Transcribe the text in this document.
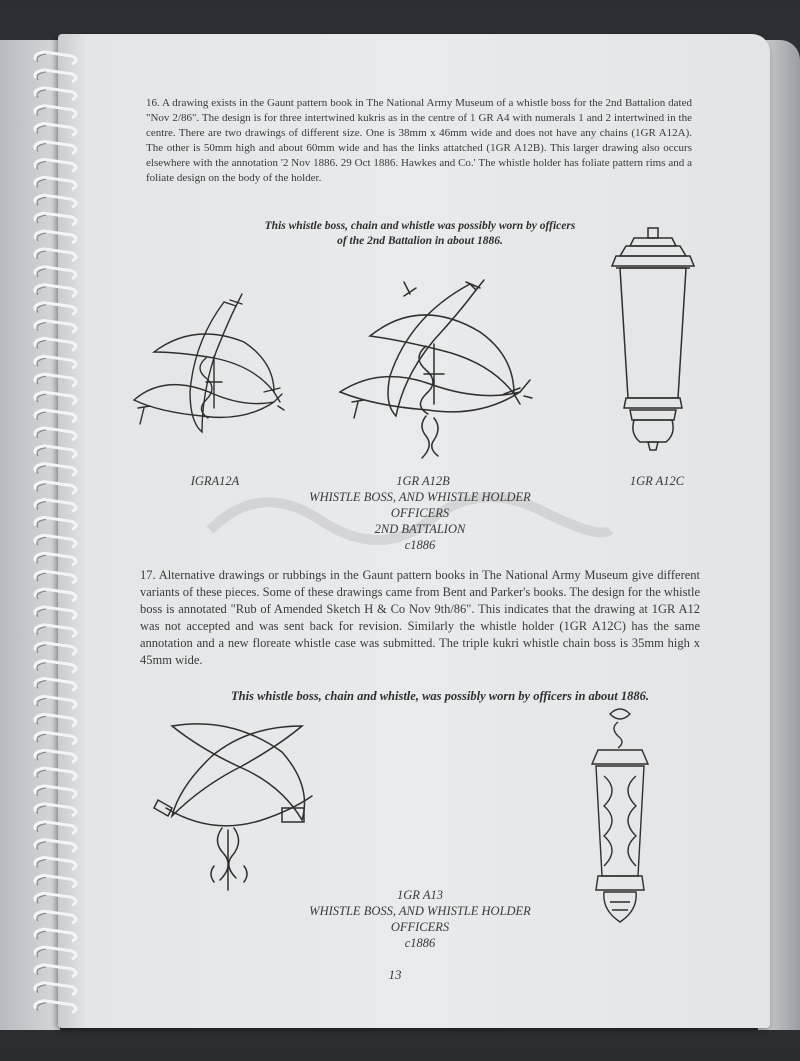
16. A drawing exists in the Gaunt pattern book in The National Army Museum of a whistle boss for the 2nd Battalion dated "Nov 2/86". The design is for three intertwined kukris as in the centre of 1 GR A4 with numerals 1 and 2 intertwined in the centre. There are two drawings of different size. One is 38mm x 46mm wide and does not have any chains (1GR A12A). The other is 50mm high and about 60mm wide and has the links attatched (1GR A12B). This larger drawing also occurs elsewhere with the annotation '2 Nov 1886. 29 Oct 1886. Hawkes and Co.' The whistle holder has foliate pattern rims and a foliate design on the body of the holder.

This whistle boss, chain and whistle was possibly worn by officers
of the 2nd Battalion in about 1886.
IGRA12A	1GR A12B	1GR A12C
WHISTLE BOSS, AND WHISTLE HOLDER
OFFICERS
2ND BATTALION
c1886

17. Alternative drawings or rubbings in the Gaunt pattern books in The National Army Museum give different variants of these pieces. Some of these drawings came from Bent and Parker's books. The design for the whistle boss is annotated "Rub of Amended Sketch H & Co Nov 9th/86". This indicates that the drawing at 1GR A12 was not accepted and was sent back for revision. Similarly the whistle holder (1GR A12C) has the same annotation and a new floreate whistle case was submitted. The triple kukri whistle chain boss is 35mm high x 45mm wide.

This whistle boss, chain and whistle, was possibly worn by officers in about 1886.
1GR A13
WHISTLE BOSS, AND WHISTLE HOLDER
OFFICERS
c1886
13
